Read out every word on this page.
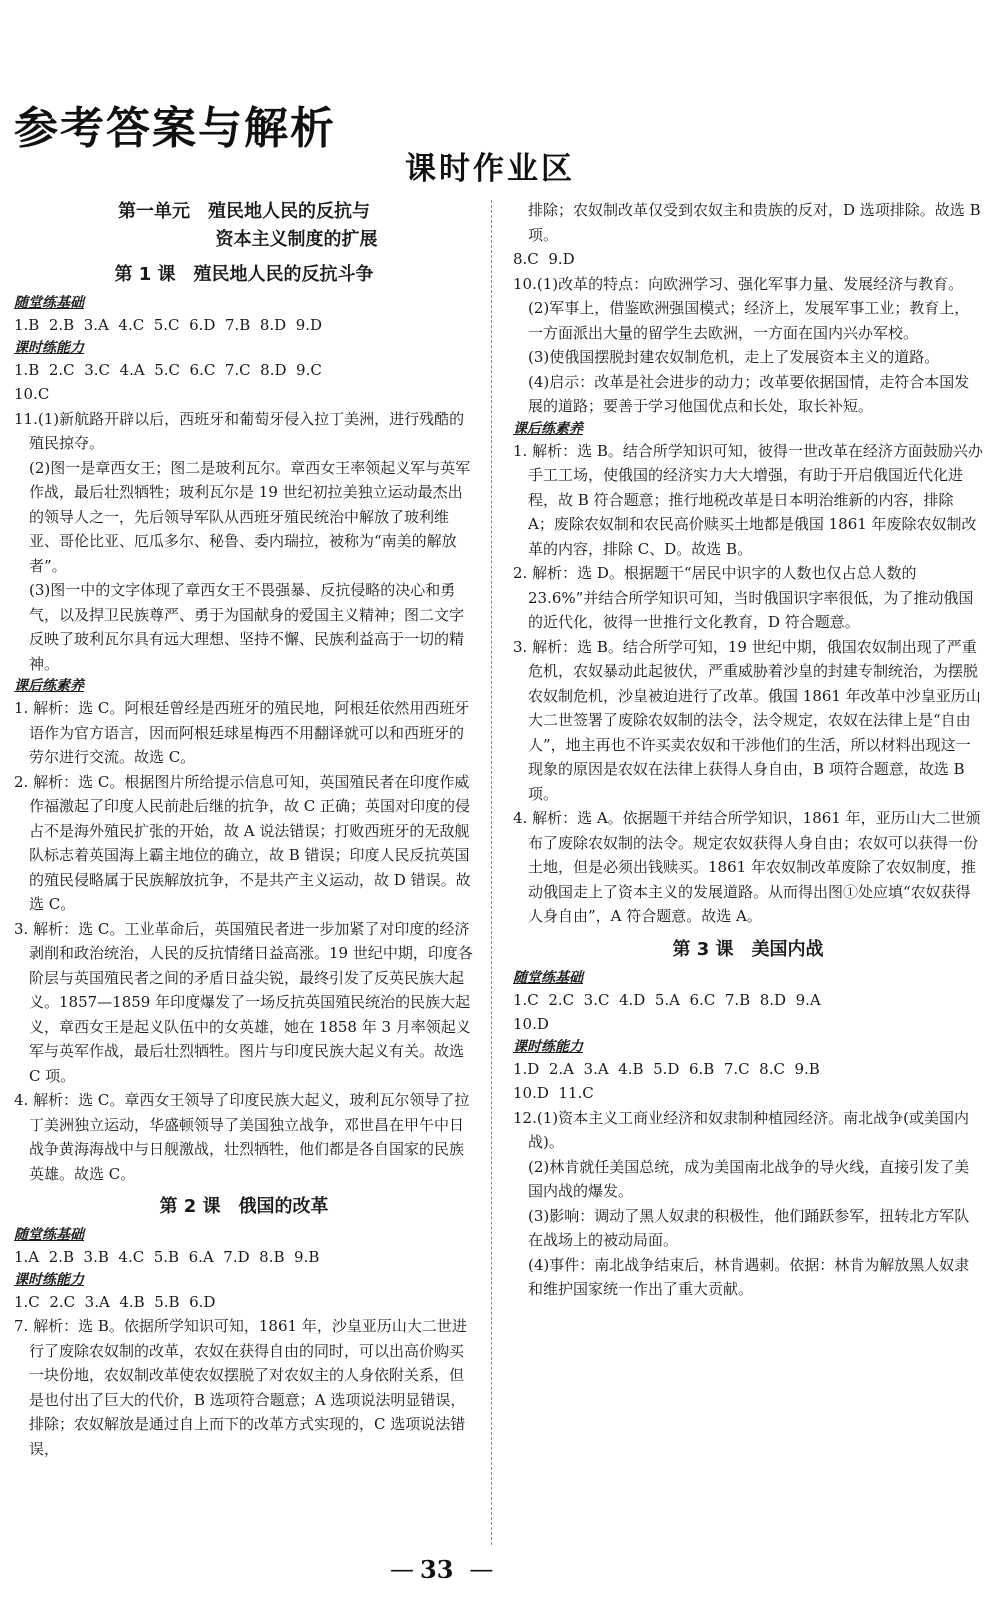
参考答案与解析
课时作业区
第一单元　殖民地人民的反抗与
资本主义制度的扩展
第 1 课　殖民地人民的反抗斗争
随堂练基础

1.B  2.B  3.A  4.C  5.C  6.D  7.B  8.D  9.D

课时练能力

1.B  2.C  3.C  4.A  5.C  6.C  7.C  8.D  9.C

10.C

11.(1)新航路开辟以后，西班牙和葡萄牙侵入拉丁美洲，进行残酷的殖民掠夺。

(2)图一是章西女王；图二是玻利瓦尔。章西女王率领起义军与英军作战，最后壮烈牺牲；玻利瓦尔是 19 世纪初拉美独立运动最杰出的领导人之一，先后领导军队从西班牙殖民统治中解放了玻利维亚、哥伦比亚、厄瓜多尔、秘鲁、委内瑞拉，被称为“南美的解放者”。

(3)图一中的文字体现了章西女王不畏强暴、反抗侵略的决心和勇气，以及捍卫民族尊严、勇于为国献身的爱国主义精神；图二文字反映了玻利瓦尔具有远大理想、坚持不懈、民族利益高于一切的精神。

课后练素养

1. 解析：选 C。阿根廷曾经是西班牙的殖民地，阿根廷依然用西班牙语作为官方语言，因而阿根廷球星梅西不用翻译就可以和西班牙的劳尔进行交流。故选 C。

2. 解析：选 C。根据图片所给提示信息可知，英国殖民者在印度作威作福激起了印度人民前赴后继的抗争，故 C 正确；英国对印度的侵占不是海外殖民扩张的开始，故 A 说法错误；打败西班牙的无敌舰队标志着英国海上霸主地位的确立，故 B 错误；印度人民反抗英国的殖民侵略属于民族解放抗争，不是共产主义运动，故 D 错误。故选 C。

3. 解析：选 C。工业革命后，英国殖民者进一步加紧了对印度的经济剥削和政治统治，人民的反抗情绪日益高涨。19 世纪中期，印度各阶层与英国殖民者之间的矛盾日益尖锐，最终引发了反英民族大起义。1857—1859 年印度爆发了一场反抗英国殖民统治的民族大起义，章西女王是起义队伍中的女英雄，她在 1858 年 3 月率领起义军与英军作战，最后壮烈牺牲。图片与印度民族大起义有关。故选 C 项。

4. 解析：选 C。章西女王领导了印度民族大起义，玻利瓦尔领导了拉丁美洲独立运动，华盛顿领导了美国独立战争，邓世昌在甲午中日战争黄海海战中与日舰激战，壮烈牺牲，他们都是各自国家的民族英雄。故选 C。

第 2 课　俄国的改革
随堂练基础

1.A  2.B  3.B  4.C  5.B  6.A  7.D  8.B  9.B

课时练能力

1.C  2.C  3.A  4.B  5.B  6.D

7. 解析：选 B。依据所学知识可知，1861 年，沙皇亚历山大二世进行了废除农奴制的改革，农奴在获得自由的同时，可以出高价购买一块份地，农奴制改革使农奴摆脱了对农奴主的人身依附关系，但是也付出了巨大的代价，B 选项符合题意；A 选项说法明显错误，排除；农奴解放是通过自上而下的改革方式实现的，C 选项说法错误，

排除；农奴制改革仅受到农奴主和贵族的反对，D 选项排除。故选 B 项。

8.C  9.D

10.(1)改革的特点：向欧洲学习、强化军事力量、发展经济与教育。

(2)军事上，借鉴欧洲强国模式；经济上，发展军事工业；教育上，一方面派出大量的留学生去欧洲，一方面在国内兴办军校。

(3)使俄国摆脱封建农奴制危机，走上了发展资本主义的道路。

(4)启示：改革是社会进步的动力；改革要依据国情，走符合本国发展的道路；要善于学习他国优点和长处，取长补短。

课后练素养

1. 解析：选 B。结合所学知识可知，彼得一世改革在经济方面鼓励兴办手工工场，使俄国的经济实力大大增强，有助于开启俄国近代化进程，故 B 符合题意；推行地税改革是日本明治维新的内容，排除 A；废除农奴制和农民高价赎买土地都是俄国 1861 年废除农奴制改革的内容，排除 C、D。故选 B。

2. 解析：选 D。根据题干“居民中识字的人数也仅占总人数的 23.6%”并结合所学知识可知，当时俄国识字率很低，为了推动俄国的近代化，彼得一世推行文化教育，D 符合题意。

3. 解析：选 B。结合所学可知，19 世纪中期，俄国农奴制出现了严重危机，农奴暴动此起彼伏，严重威胁着沙皇的封建专制统治，为摆脱农奴制危机，沙皇被迫进行了改革。俄国 1861 年改革中沙皇亚历山大二世签署了废除农奴制的法令，法令规定，农奴在法律上是“自由人”，地主再也不许买卖农奴和干涉他们的生活，所以材料出现这一现象的原因是农奴在法律上获得人身自由，B 项符合题意，故选 B 项。

4. 解析：选 A。依据题干并结合所学知识，1861 年，亚历山大二世颁布了废除农奴制的法令。规定农奴获得人身自由；农奴可以获得一份土地，但是必须出钱赎买。1861 年农奴制改革废除了农奴制度，推动俄国走上了资本主义的发展道路。从而得出图①处应填“农奴获得人身自由”，A 符合题意。故选 A。

第 3 课　美国内战
随堂练基础

1.C  2.C  3.C  4.D  5.A  6.C  7.B  8.D  9.A

10.D

课时练能力

1.D  2.A  3.A  4.B  5.D  6.B  7.C  8.C  9.B

10.D  11.C

12.(1)资本主义工商业经济和奴隶制种植园经济。南北战争(或美国内战)。

(2)林肯就任美国总统，成为美国南北战争的导火线，直接引发了美国内战的爆发。

(3)影响：调动了黑人奴隶的积极性，他们踊跃参军，扭转北方军队在战场上的被动局面。

(4)事件：南北战争结束后，林肯遇刺。依据：林肯为解放黑人奴隶和维护国家统一作出了重大贡献。

— 33 —
